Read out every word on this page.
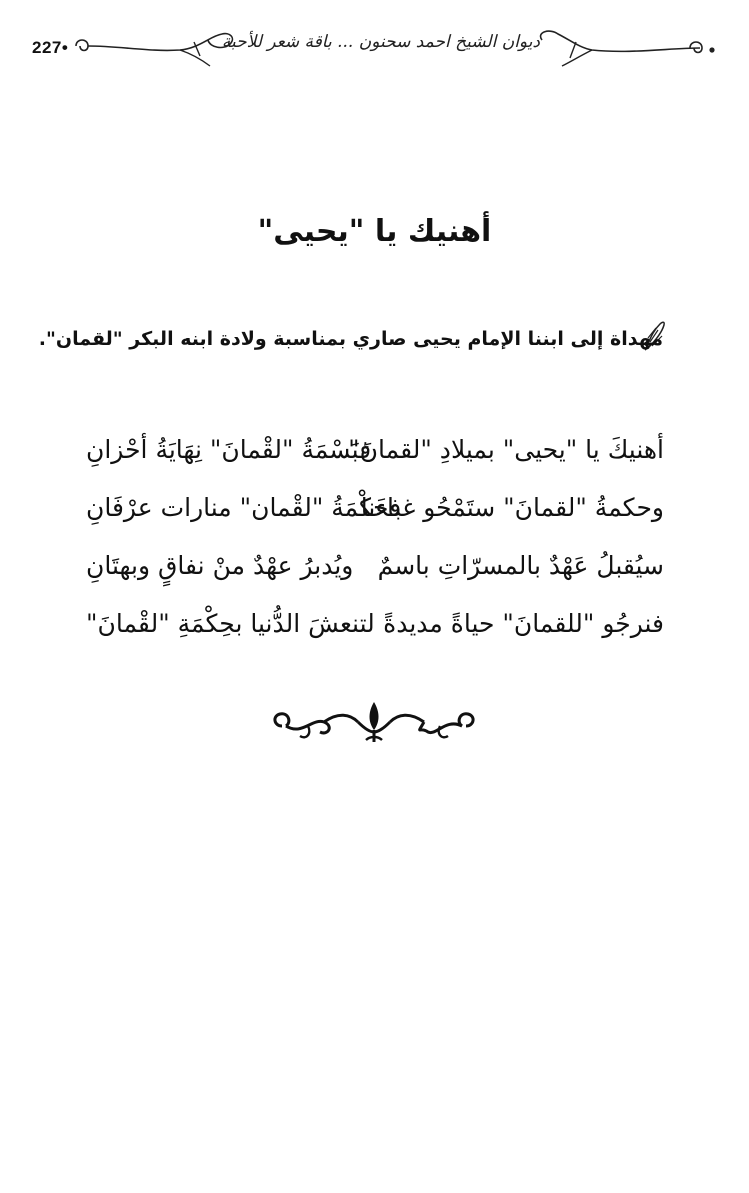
227•	ديوان الشيخ احمد سحنون ... باقة شعر للأحبة
أهنيك يا "يحيى"
مهداة إلى ابننا الإمام يحيى صاري بمناسبة ولادة ابنه البكر "لقمان".
أهنيكَ يا "يحيى" بميلادِ "لقمانَ"
فبَسْمَةُ "لقْمانَ" نِهَايَةُ أحْزانِ
وحكمةُ "لقمانَ" ستَمْحُو غباءَنا
فحكْمَةُ "لقْمان" منارات عرْفَانِ
سيُقبلُ عَهْدٌ بالمسرّاتِ باسمٌ
ويُدبرُ عهْدٌ منْ نفاقٍ وبهتَانِ
فنرجُو "للقمانَ" حياةً مديدةً
لتنعشَ الدُّنيا بحِكْمَةِ "لقْمانَ"
